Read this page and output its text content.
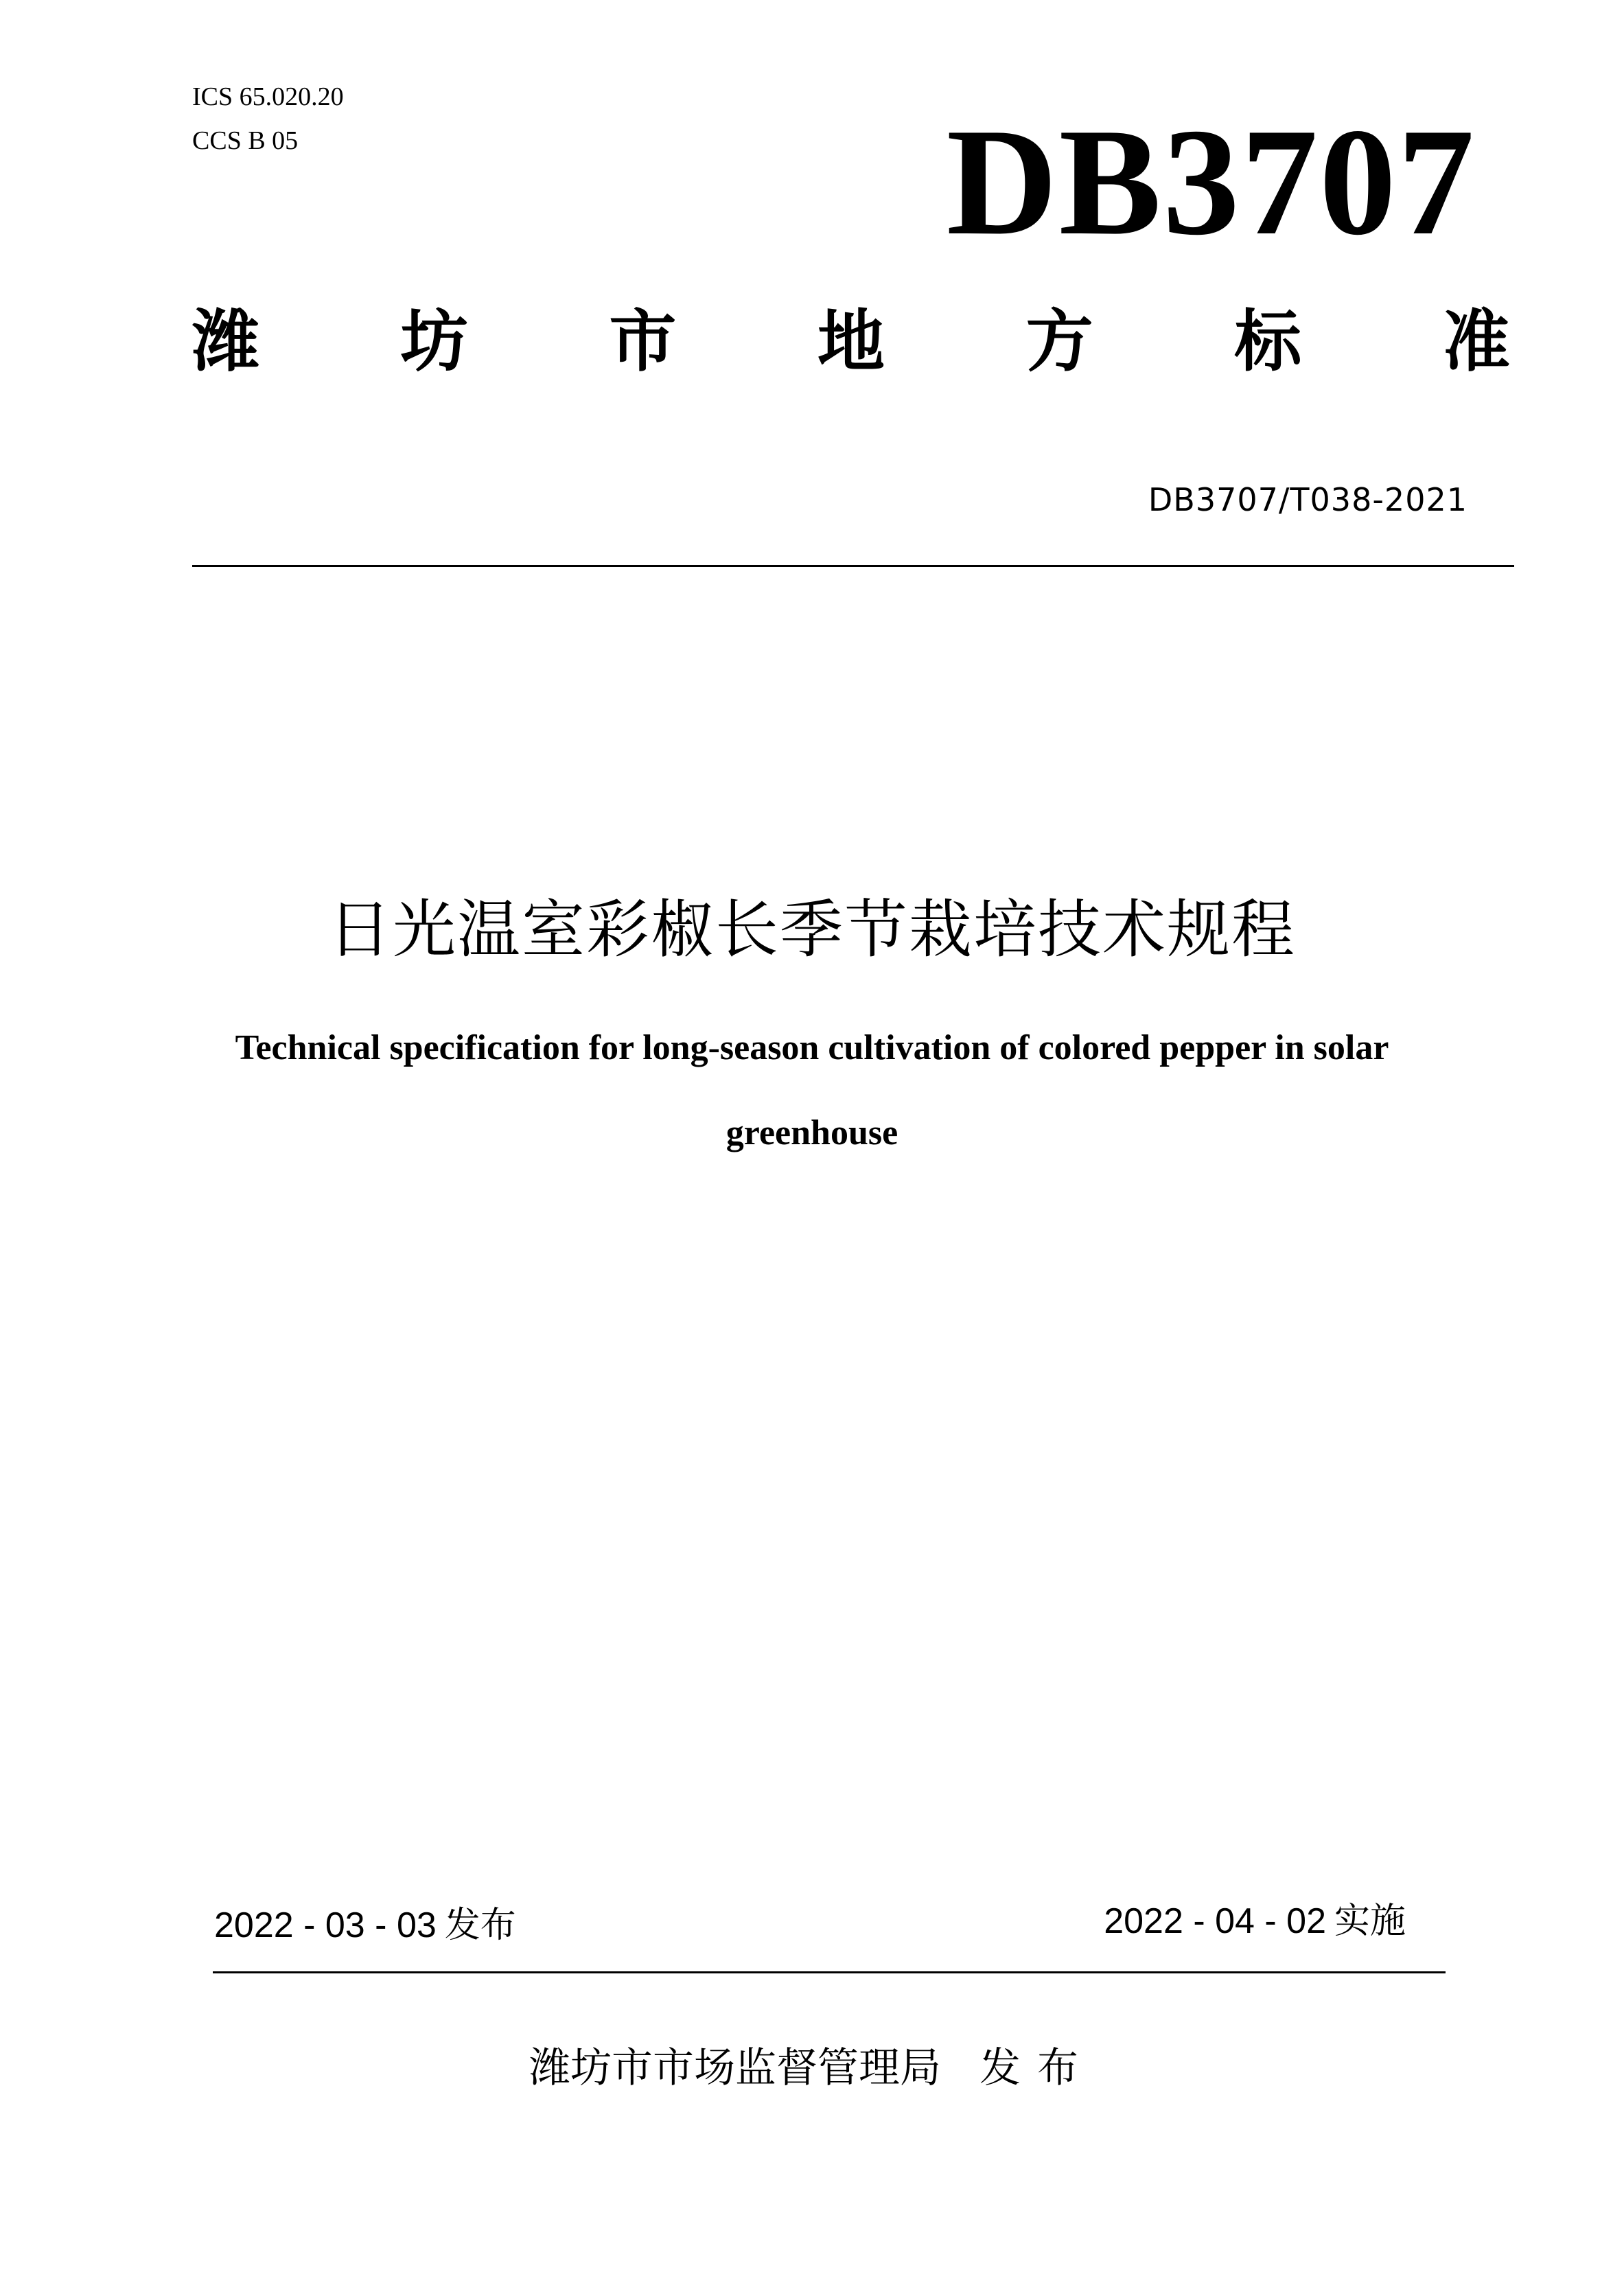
ICS 65.020.20
CCS B 05	DB3707
潍 坊 市 地 方 标 准
DB3707/T038-2021
日光温室彩椒长季节栽培技术规程
Technical specification for long-season cultivation of colored pepper in solar greenhouse
2022 - 03 - 03 发布	2022 - 04 - 02 实施
潍坊市市场监督管理局 发布
